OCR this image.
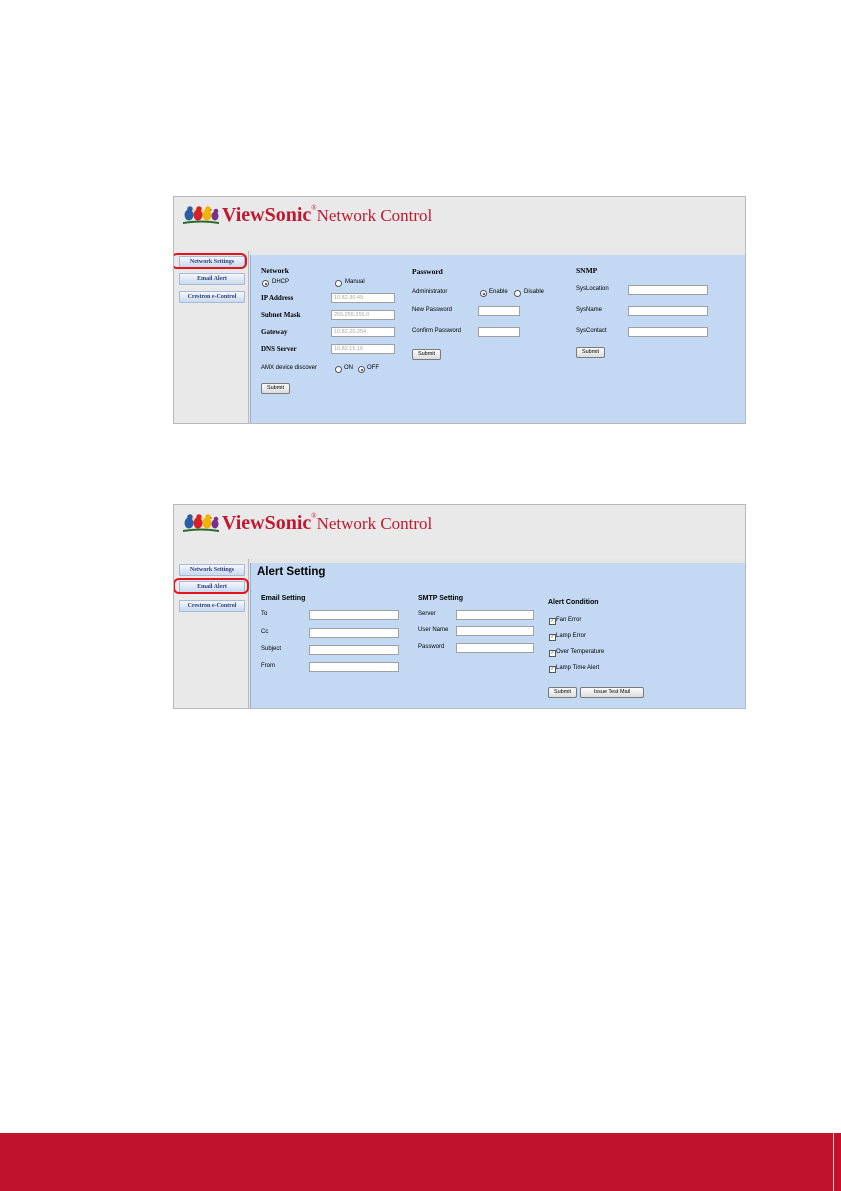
ViewSonic®Network Control
Network Settings
Email Alert
Crestron e-Control
Network
DHCP	Manual
IP Address	10.82.30.49
Subnet Mask	255.255.255.0
Gateway	10.82.20.254
DNS Server	10.82.15.16
AMX device discover	ON OFF
Submit
Password
Administrator	Enable	Disable
New Password
Confirm Password
Submit
SNMP
SysLocation
SysName
SysContact
Submit
ViewSonic®Network Control
Network Settings
Email Alert
Crestron e-Control
Alert Setting
Email Setting
To
Cc
Subject
From
SMTP Setting
Server
User Name
Password
Alert Condition
✓ Fan Error
✓ Lamp Error
✓ Over Temperature
✓ Lamp Time Alert
Submit	Issue Test Mail
